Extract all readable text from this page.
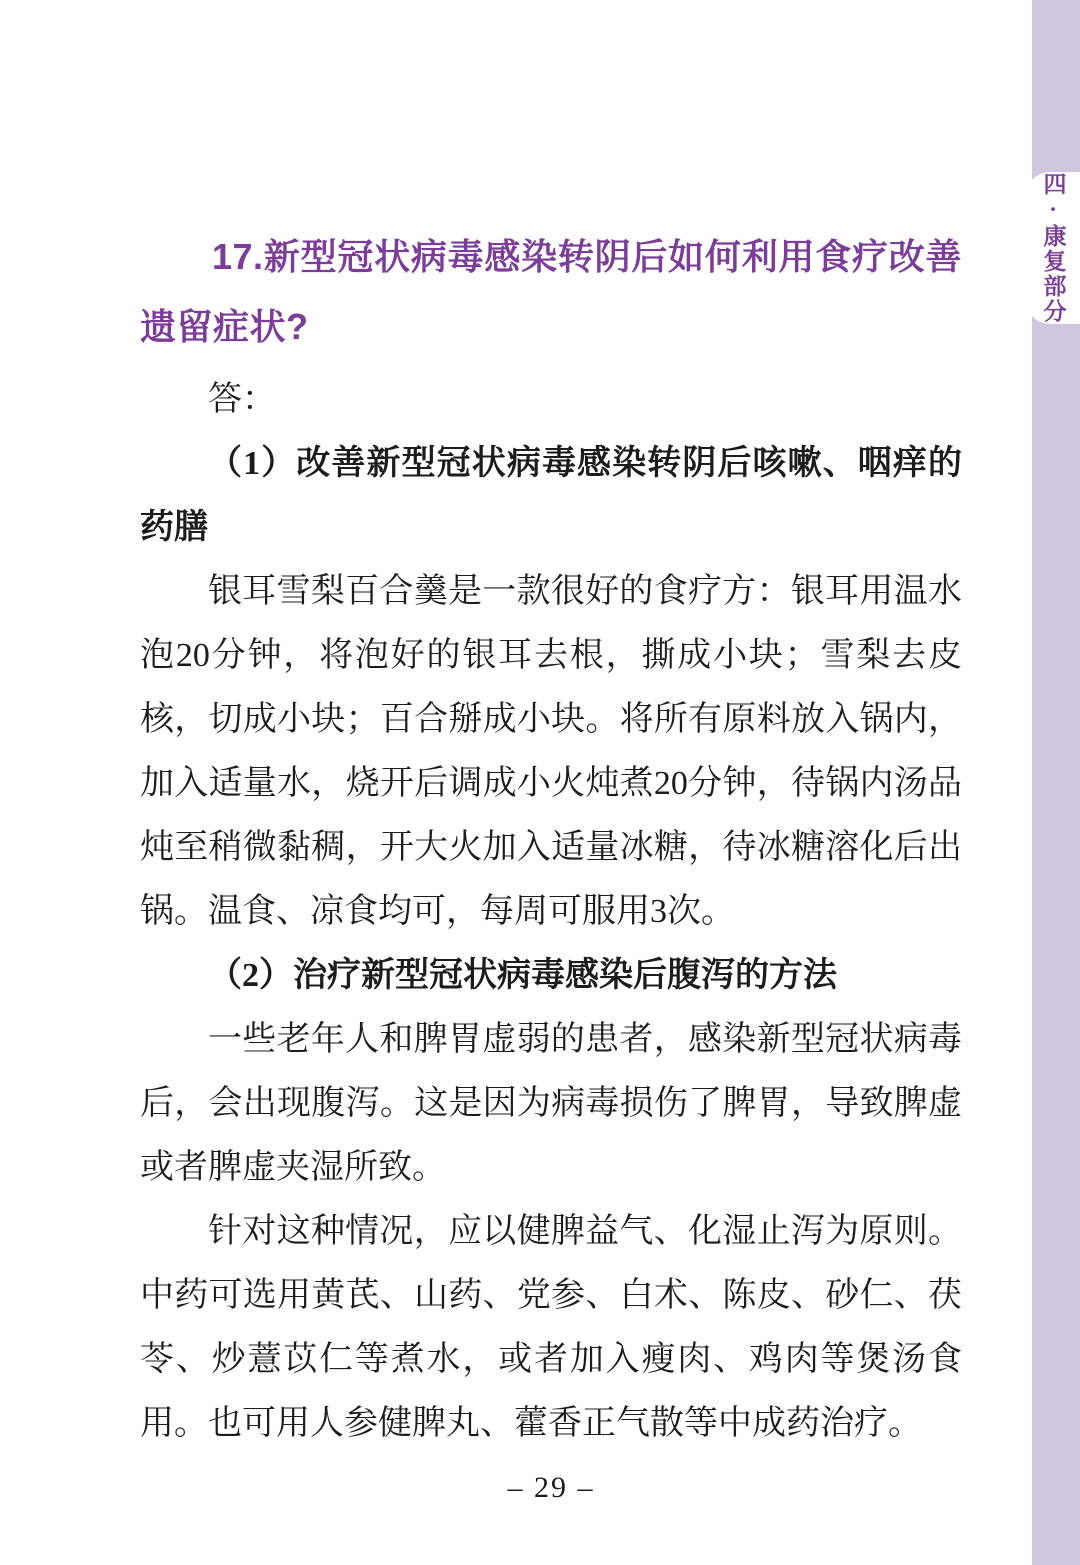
四·康复部分
17.新型冠状病毒感染转阴后如何利用食疗改善遗留症状?

答：

（1）改善新型冠状病毒感染转阴后咳嗽、咽痒的药膳

银耳雪梨百合羹是一款很好的食疗方：银耳用温水泡20分钟，将泡好的银耳去根，撕成小块；雪梨去皮核，切成小块；百合掰成小块。将所有原料放入锅内，加入适量水，烧开后调成小火炖煮20分钟，待锅内汤品炖至稍微黏稠，开大火加入适量冰糖，待冰糖溶化后出锅。温食、凉食均可，每周可服用3次。

（2）治疗新型冠状病毒感染后腹泻的方法

一些老年人和脾胃虚弱的患者，感染新型冠状病毒后，会出现腹泻。这是因为病毒损伤了脾胃，导致脾虚或者脾虚夹湿所致。

针对这种情况，应以健脾益气、化湿止泻为原则。中药可选用黄芪、山药、党参、白术、陈皮、砂仁、茯苓、炒薏苡仁等煮水，或者加入瘦肉、鸡肉等煲汤食用。也可用人参健脾丸、藿香正气散等中成药治疗。

– 29 –
